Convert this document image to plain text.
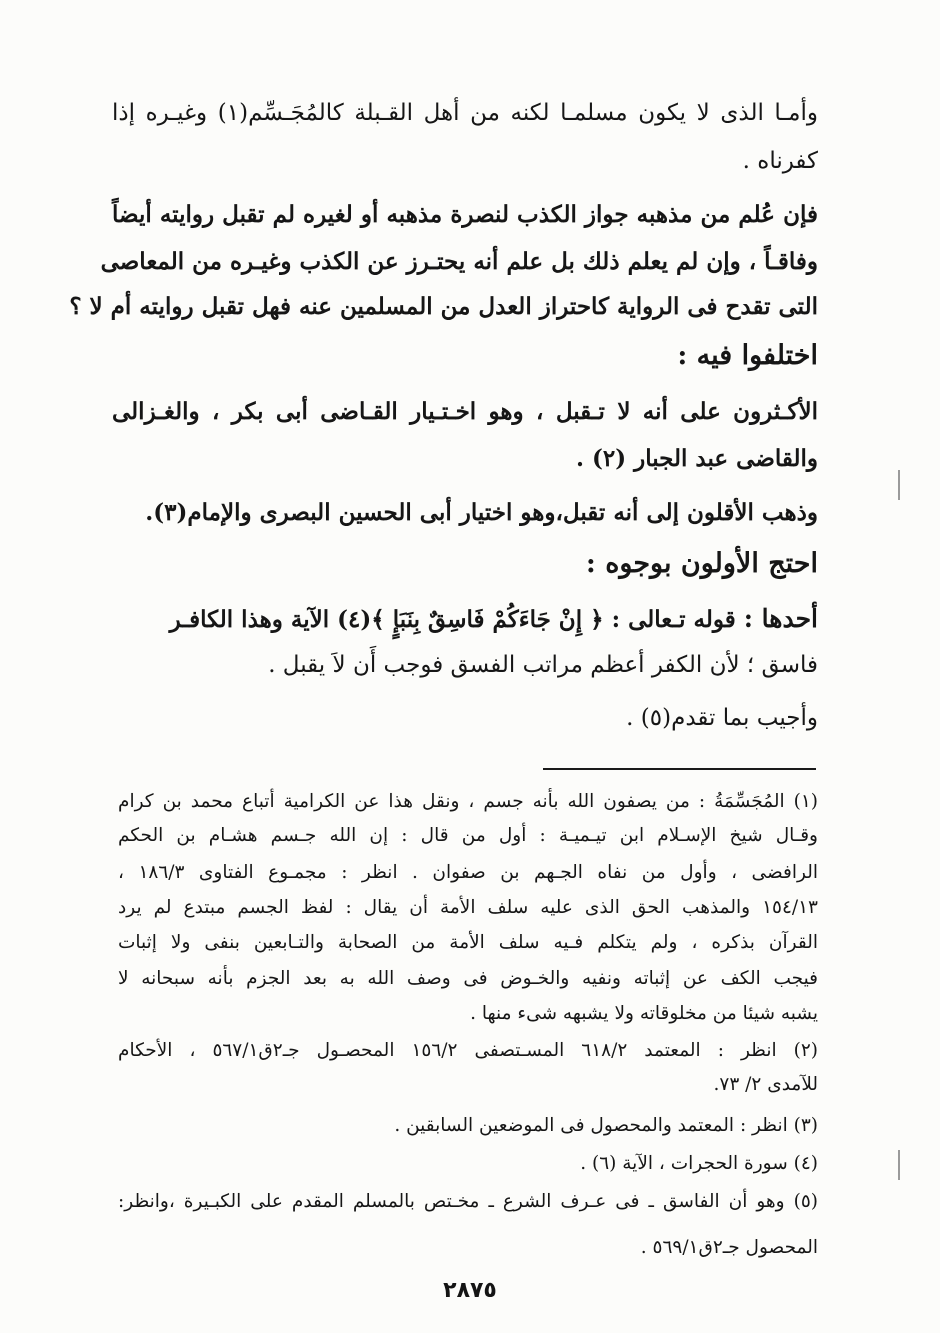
وأمـا الذى لا يكون مسلمـا لكنه من أهل القـبلة كالمُجَـسِّم(١) وغيـره إذا

كفرناه .

فإن عُلم من مذهبه جواز الكذب لنصرة مذهبه أو لغيره لم تقبل روايته أيضاً

وفاقـاً ، وإن لم يعلم ذلك بل علم أنه يحتـرز عن الكذب وغيـره من المعاصى

التى تقدح فى الرواية كاحتراز العدل من المسلمين عنه فهل تقبل روايته أم لا ؟

اختلفوا فيه :

الأكـثرون على أنه لا تـقبل ، وهو اخـتـيار القـاضى أبى بكر ، والغـزالى

والقاضى عبد الجبار (٢) .

وذهب الأقلون إلى أنه تقبل،وهو اختيار أبى الحسين البصرى والإمام(٣).

احتج الأولون بوجوه :

أحدها : قوله تـعالى : ﴿ إِنْ جَاءَكُمْ فَاسِقٌ بِنَبَإٍ ﴾(٤) الآية وهذا الكافـر

فاسق ؛ لأن الكفر أعظم مراتب الفسق فوجب أَن لاَ يقبل .

وأجيب بما تقدم(٥) .

(١) المُجَسِّمَةُ : من يصفون الله بأنه جسم ، ونقل هذا عن الكرامية أتباع محمد بن كرام

وقـال شيخ الإسـلام ابن تيـميـة : أول من قال : إن الله جـسم هشـام بن الحكم

الرافضى ، وأول من نفاه الجـهم بن صفوان . انظر : مجمـوع الفتاوى ١٨٦/٣ ،

١٥٤/١٣ والمذهب الحق الذى عليه سلف الأمة أن يقال : لفظ الجسم مبتدع لم يرد

القرآن بذكره ، ولم يتكلم فـيه سلف الأمة من الصحابة والتـابعين بنفى ولا إثبات

فيجب الكف عن إثباته ونفيه والخـوض فى وصف الله به بعد الجزم بأنه سبحانه لا

يشبه شيئا من مخلوقاته ولا يشبهه شىء منها .

(٢) انظر : المعتمد ٦١٨/٢ المسـتصفى ١٥٦/٢ المحصـول جـ٢ق٥٦٧/١ ، الأحكام

للآمدى ٢/ ٧٣.

(٣) انظر : المعتمد والمحصول فى الموضعين السابقين .

(٤) سورة الحجرات ، الآية (٦) .

(٥) وهو أن الفاسق ـ فى عـرف الشرع ـ مخـتص بالمسلم المقدم على الكبـيرة ،وانظر:

المحصول جـ٢ق٥٦٩/١ .

٢٨٧٥
